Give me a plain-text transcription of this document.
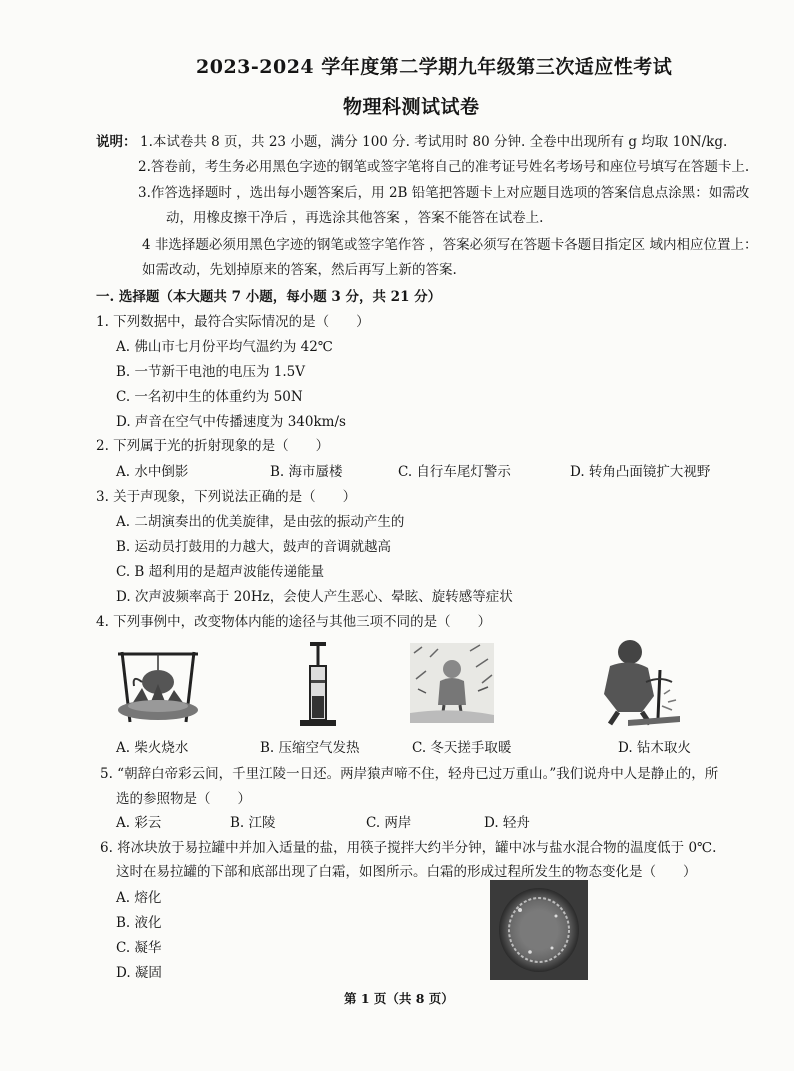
2023-2024 学年度第二学期九年级第三次适应性考试
物理科测试试卷
说明： 1.本试卷共 8 页，共 23 小题，满分 100 分. 考试用时 80 分钟. 全卷中出现所有 g 均取 10N/kg.
2.答卷前，考生务必用黑色字迹的钢笔或签字笔将自己的准考证号姓名考场号和座位号填写在答题卡上.
3.作答选择题时 ，选出每小题答案后，用 2B 铅笔把答题卡上对应题目选项的答案信息点涂黑：如需改
动，用橡皮擦干净后 ，再选涂其他答案 ，答案不能答在试卷上.
4 非选择题必须用黑色字迹的钢笔或签字笔作答 ，答案必须写在答题卡各题目指定区 域内相应位置上：
如需改动，先划掉原来的答案，然后再写上新的答案.
一. 选择题（本大题共 7 小题，每小题 3 分，共 21 分）
1. 下列数据中，最符合实际情况的是（　　）
A. 佛山市七月份平均气温约为 42℃
B. 一节新干电池的电压为 1.5V
C. 一名初中生的体重约为 50N
D. 声音在空气中传播速度为 340km/s
2. 下列属于光的折射现象的是（　　）
A. 水中倒影	B. 海市蜃楼	C. 自行车尾灯警示	D. 转角凸面镜扩大视野
3. 关于声现象，下列说法正确的是（　　）
A. 二胡演奏出的优美旋律，是由弦的振动产生的
B. 运动员打鼓用的力越大，鼓声的音调就越高
C. B 超利用的是超声波能传递能量
D. 次声波频率高于 20Hz，会使人产生恶心、晕眩、旋转感等症状
4. 下列事例中，改变物体内能的途径与其他三项不同的是（　　）
A. 柴火烧水	B. 压缩空气发热	C. 冬天搓手取暖	D. 钻木取火
5. “朝辞白帝彩云间，千里江陵一日还。两岸猿声啼不住，轻舟已过万重山。”我们说舟中人是静止的，所
选的参照物是（　　）
A. 彩云	B. 江陵	C. 两岸	D. 轻舟
6. 将冰块放于易拉罐中并加入适量的盐，用筷子搅拌大约半分钟，罐中冰与盐水混合物的温度低于 0℃.
这时在易拉罐的下部和底部出现了白霜，如图所示。白霜的形成过程所发生的物态变化是（　　）
A. 熔化
B. 液化
C. 凝华
D. 凝固
第 1 页（共 8 页）
